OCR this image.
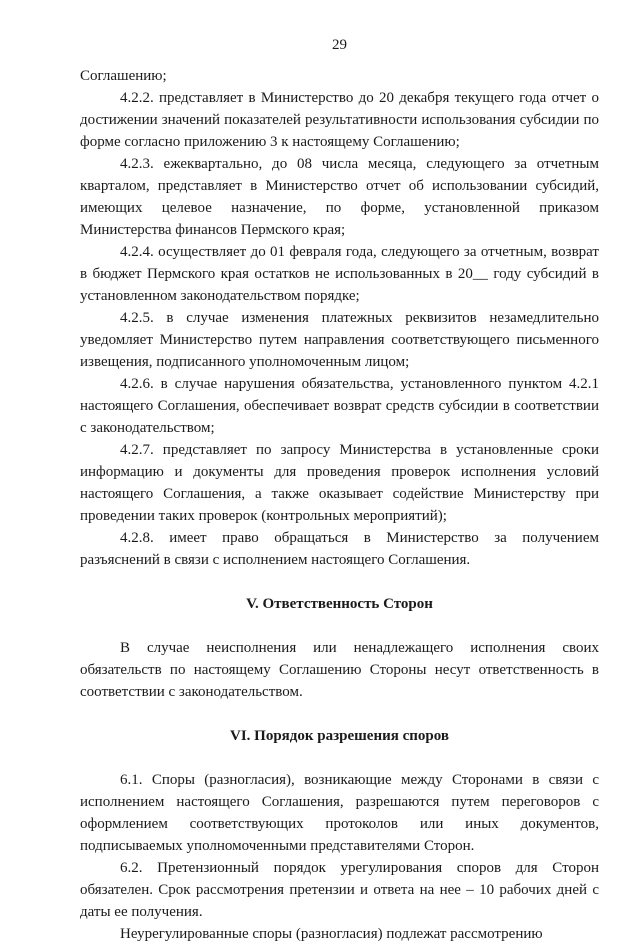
29

Соглашению;

4.2.2. представляет в Министерство до 20 декабря текущего года отчет о достижении значений показателей результативности использования субсидии по форме согласно приложению 3 к настоящему Соглашению;

4.2.3. ежеквартально, до 08 числа месяца, следующего за отчетным кварталом, представляет в Министерство отчет об использовании субсидий, имеющих целевое назначение, по форме, установленной приказом Министерства финансов Пермского края;

4.2.4. осуществляет до 01 февраля года, следующего за отчетным, возврат в бюджет Пермского края остатков не использованных в 20__ году субсидий в установленном законодательством порядке;

4.2.5. в случае изменения платежных реквизитов незамедлительно уведомляет Министерство путем направления соответствующего письменного извещения, подписанного уполномоченным лицом;

4.2.6. в случае нарушения обязательства, установленного пунктом 4.2.1 настоящего Соглашения, обеспечивает возврат средств субсидии в соответствии с законодательством;

4.2.7. представляет по запросу Министерства в установленные сроки информацию и документы для проведения проверок исполнения условий настоящего Соглашения, а также оказывает содействие Министерству при проведении таких проверок (контрольных мероприятий);

4.2.8. имеет право обращаться в Министерство за получением разъяснений в связи с исполнением настоящего Соглашения.

V. Ответственность Сторон

В случае неисполнения или ненадлежащего исполнения своих обязательств по настоящему Соглашению Стороны несут ответственность в соответствии с законодательством.

VI. Порядок разрешения споров

6.1. Споры (разногласия), возникающие между Сторонами в связи с исполнением настоящего Соглашения, разрешаются путем переговоров с оформлением соответствующих протоколов или иных документов, подписываемых уполномоченными представителями Сторон.

6.2. Претензионный порядок урегулирования споров для Сторон обязателен. Срок рассмотрения претензии и ответа на нее – 10 рабочих дней с даты ее получения.

Неурегулированные споры (разногласия) подлежат рассмотрению
